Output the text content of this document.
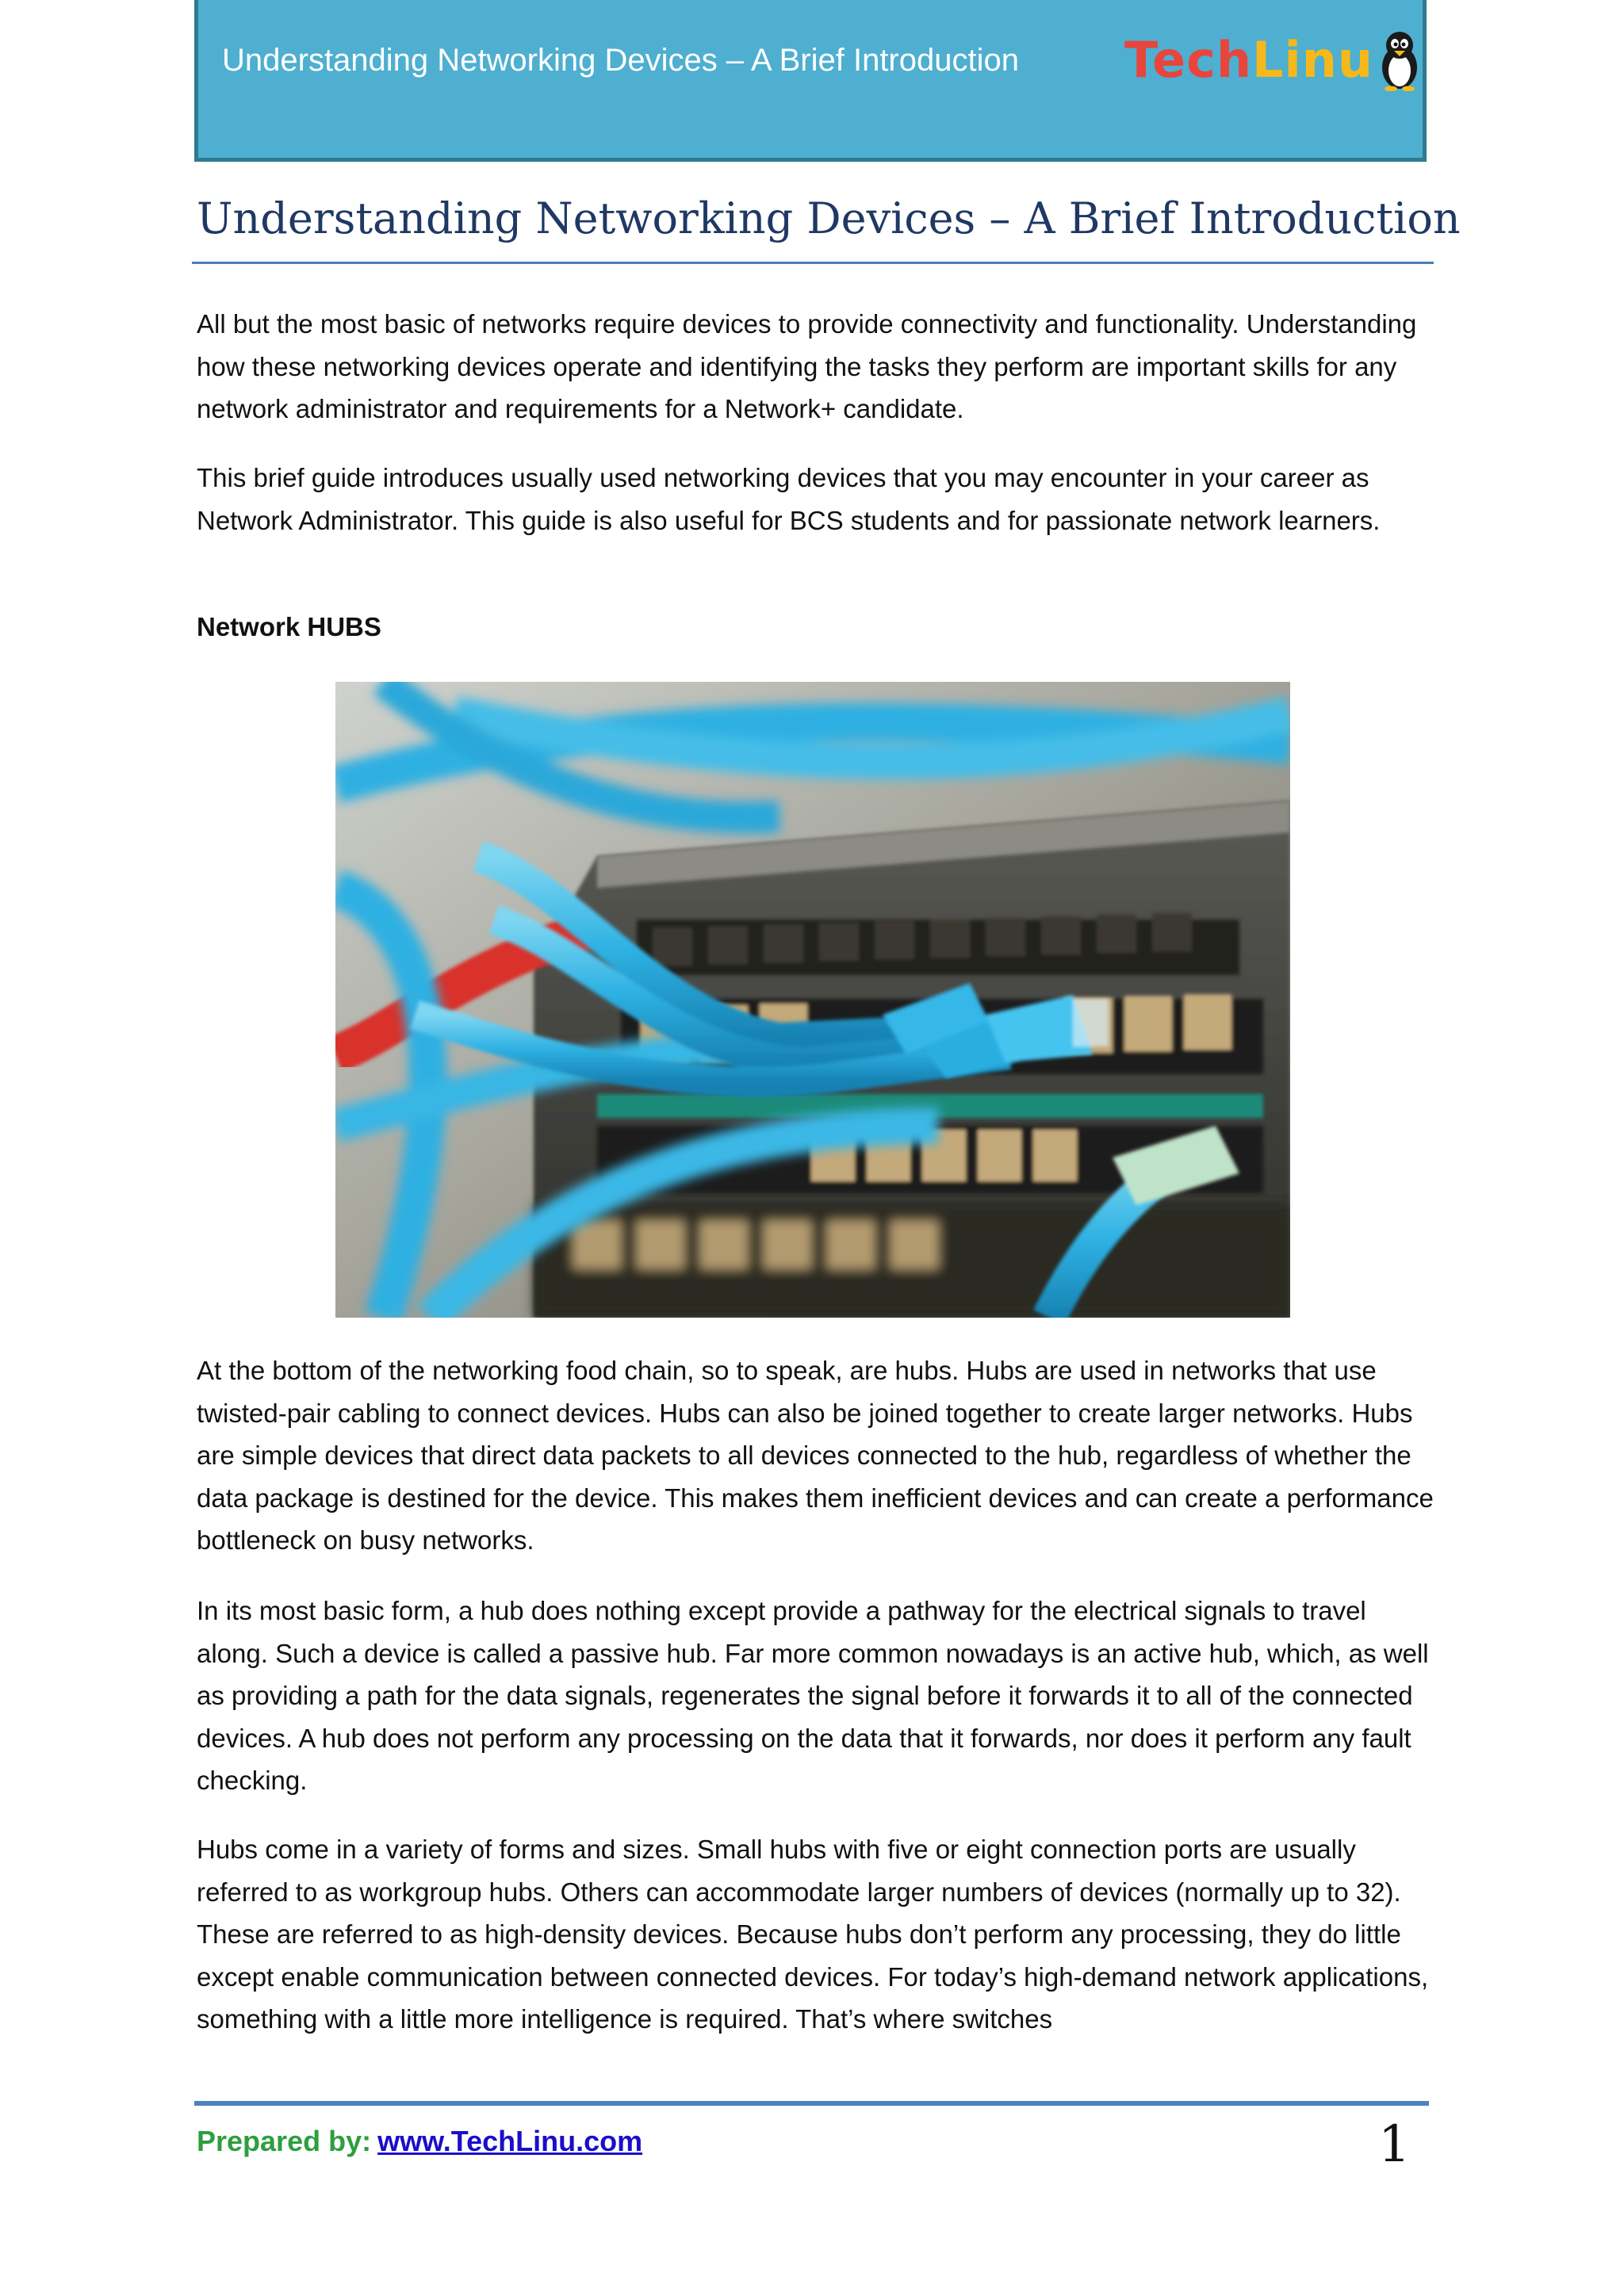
Understanding Networking Devices – A Brief Introduction TechLinu
Understanding Networking Devices – A Brief Introduction

All but the most basic of networks require devices to provide connectivity and functionality. Understanding how these networking devices operate and identifying the tasks they perform are important skills for any network administrator and requirements for a Network+ candidate.

This brief guide introduces usually used networking devices that you may encounter in your career as Network Administrator. This guide is also useful for BCS students and for passionate network learners.

Network HUBS

At the bottom of the networking food chain, so to speak, are hubs. Hubs are used in networks that use twisted-pair cabling to connect devices. Hubs can also be joined together to create larger networks. Hubs are simple devices that direct data packets to all devices connected to the hub, regardless of whether the data package is destined for the device. This makes them inefficient devices and can create a performance bottleneck on busy networks.

In its most basic form, a hub does nothing except provide a pathway for the electrical signals to travel along. Such a device is called a passive hub. Far more common nowadays is an active hub, which, as well as providing a path for the data signals, regenerates the signal before it forwards it to all of the connected devices. A hub does not perform any processing on the data that it forwards, nor does it perform any fault checking.

Hubs come in a variety of forms and sizes. Small hubs with five or eight connection ports are usually referred to as workgroup hubs. Others can accommodate larger numbers of devices (normally up to 32). These are referred to as high-density devices. Because hubs don’t perform any processing, they do little except enable communication between connected devices. For today’s high-demand network applications, something with a little more intelligence is required. That’s where switches

Prepared by: www.TechLinu.com	1
